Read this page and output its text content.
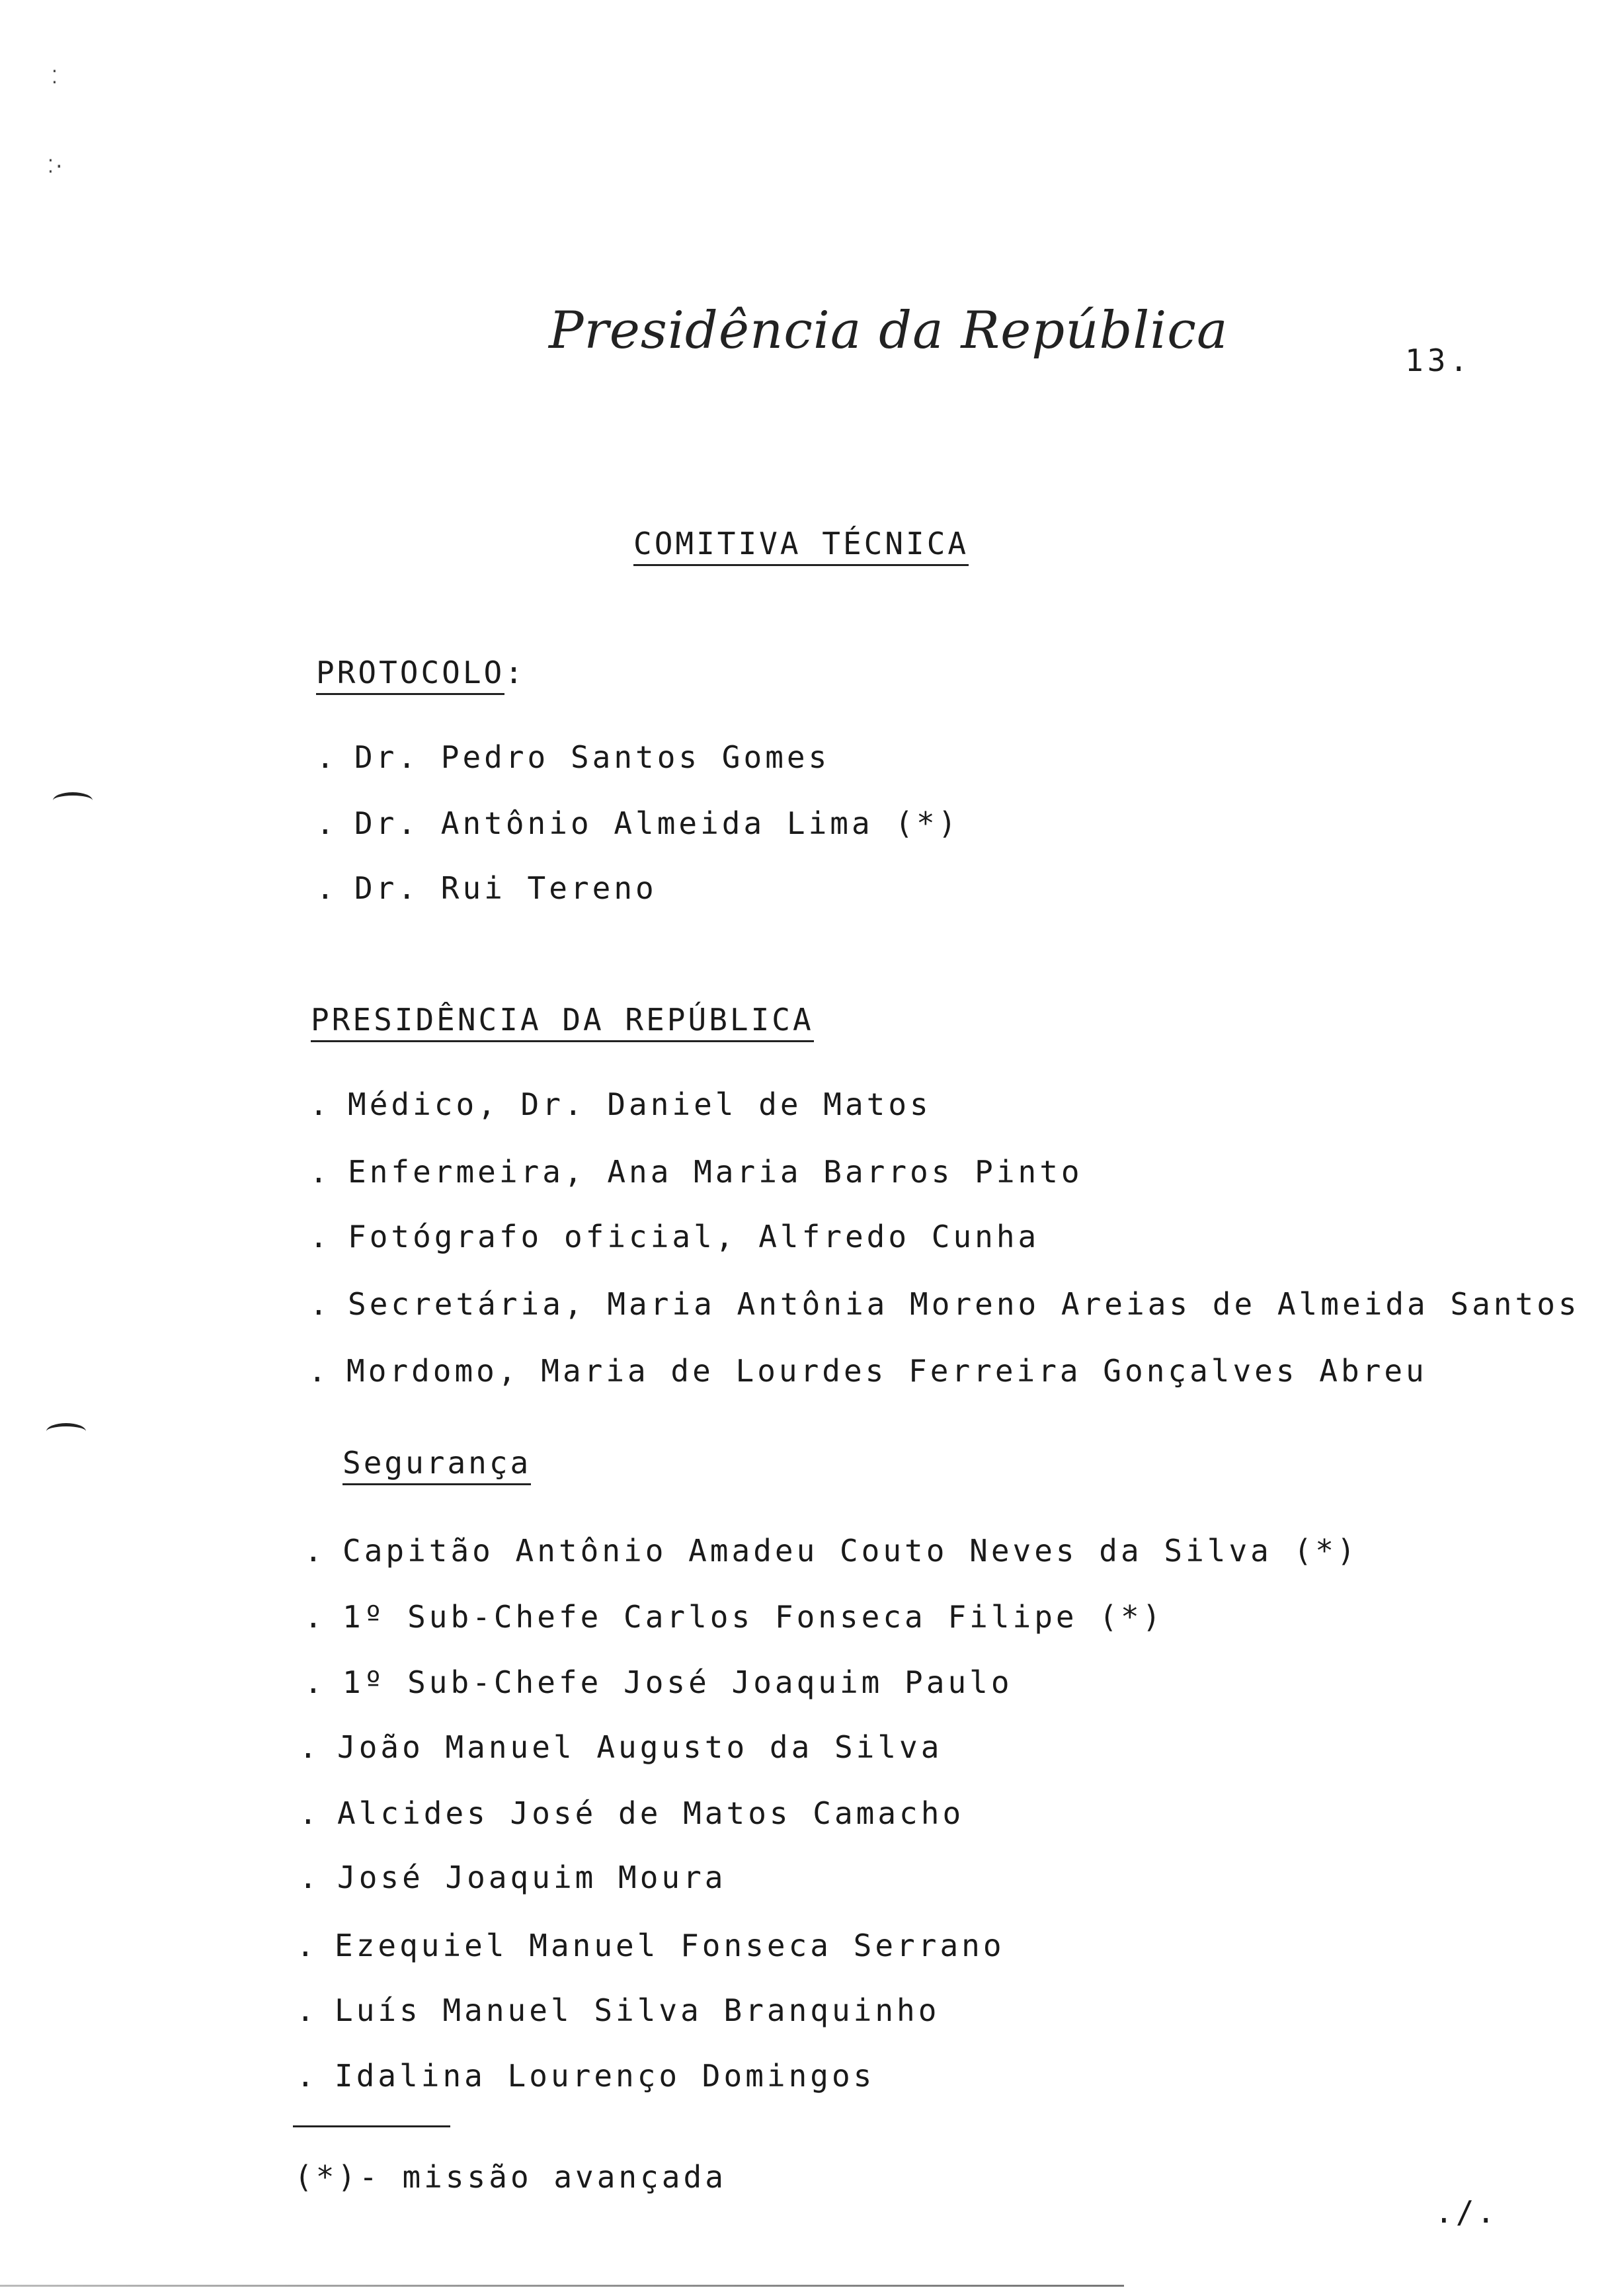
⁚
⁚·
Presidência da República	13.
COMITIVA TÉCNICA
PROTOCOLO:
. Dr. Pedro Santos Gomes
. Dr. Antônio Almeida Lima (*)
. Dr. Rui Tereno
PRESIDÊNCIA DA REPÚBLICA
. Médico, Dr. Daniel de Matos
. Enfermeira, Ana Maria Barros Pinto
. Fotógrafo oficial, Alfredo Cunha
. Secretária, Maria Antônia Moreno Areias de Almeida Santos
. Mordomo, Maria de Lourdes Ferreira Gonçalves Abreu
Segurança
. Capitão Antônio Amadeu Couto Neves da Silva (*)
. 1º Sub-Chefe Carlos Fonseca Filipe (*)
. 1º Sub-Chefe José Joaquim Paulo
. João Manuel Augusto da Silva
. Alcides José de Matos Camacho
. José Joaquim Moura
. Ezequiel Manuel Fonseca Serrano
. Luís Manuel Silva Branquinho
. Idalina Lourenço Domingos
(*)- missão avançada
./.
